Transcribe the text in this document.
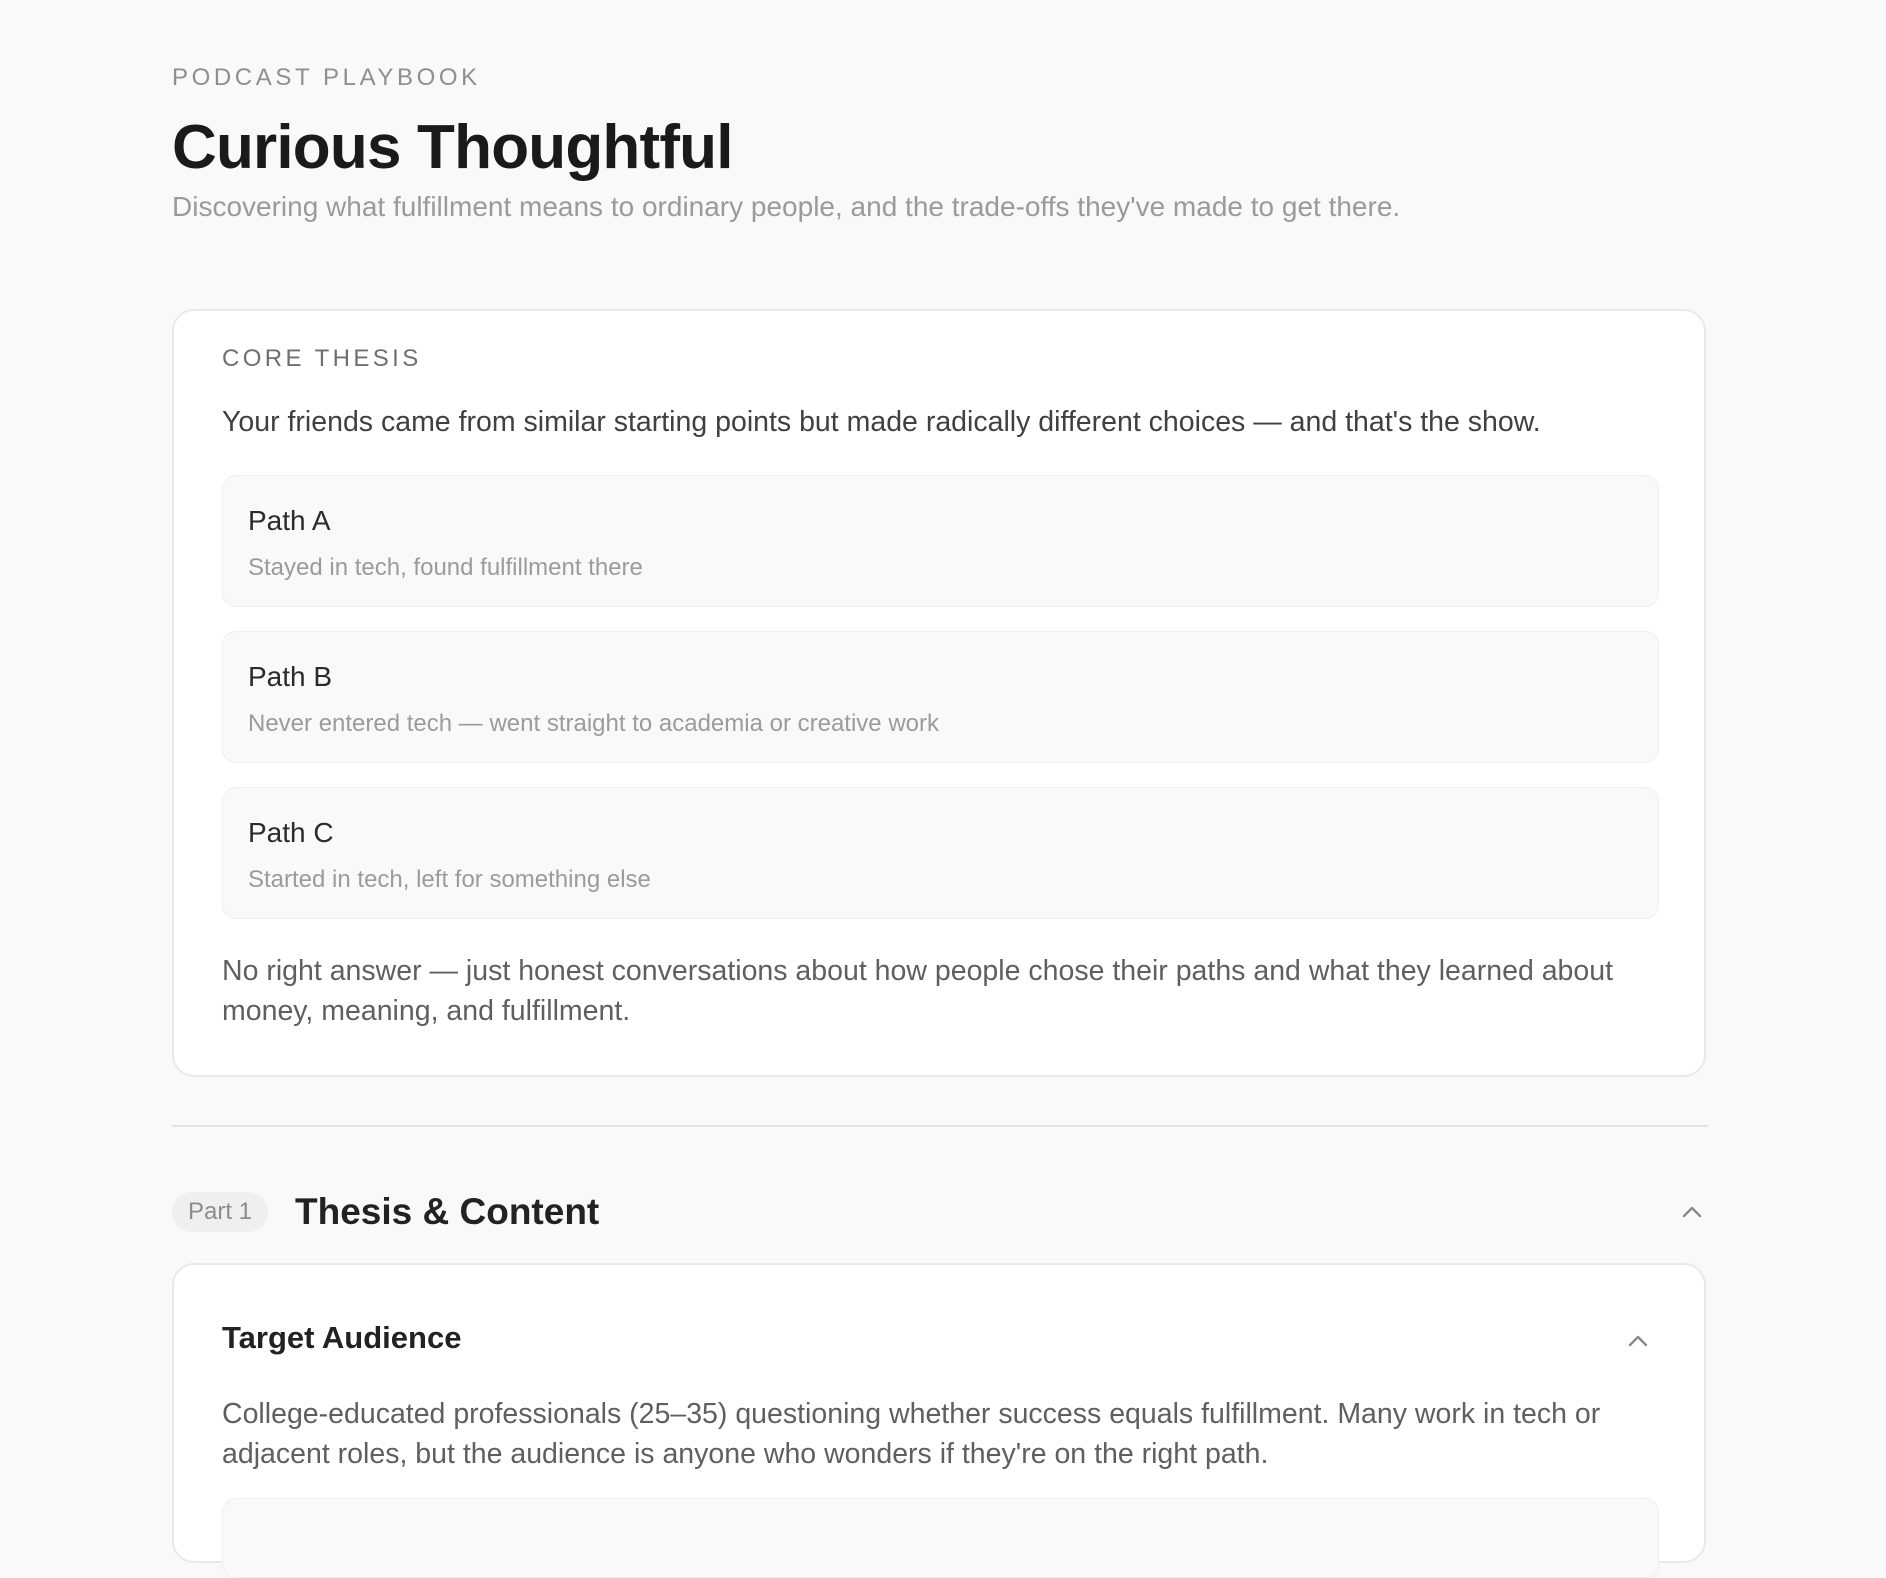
PODCAST PLAYBOOK
Curious Thoughtful
Discovering what fulfillment means to ordinary people, and the trade-offs they've made to get there.
CORE THESIS
Your friends came from similar starting points but made radically different choices — and that's the show.
Path A
Stayed in tech, found fulfillment there
Path B
Never entered tech — went straight to academia or creative work
Path C
Started in tech, left for something else
No right answer — just honest conversations about how people chose their paths and what they learned about money, meaning, and fulfillment.
Part 1	Thesis & Content
Target Audience
College-educated professionals (25–35) questioning whether success equals fulfillment. Many work in tech or adjacent roles, but the audience is anyone who wonders if they're on the right path.
